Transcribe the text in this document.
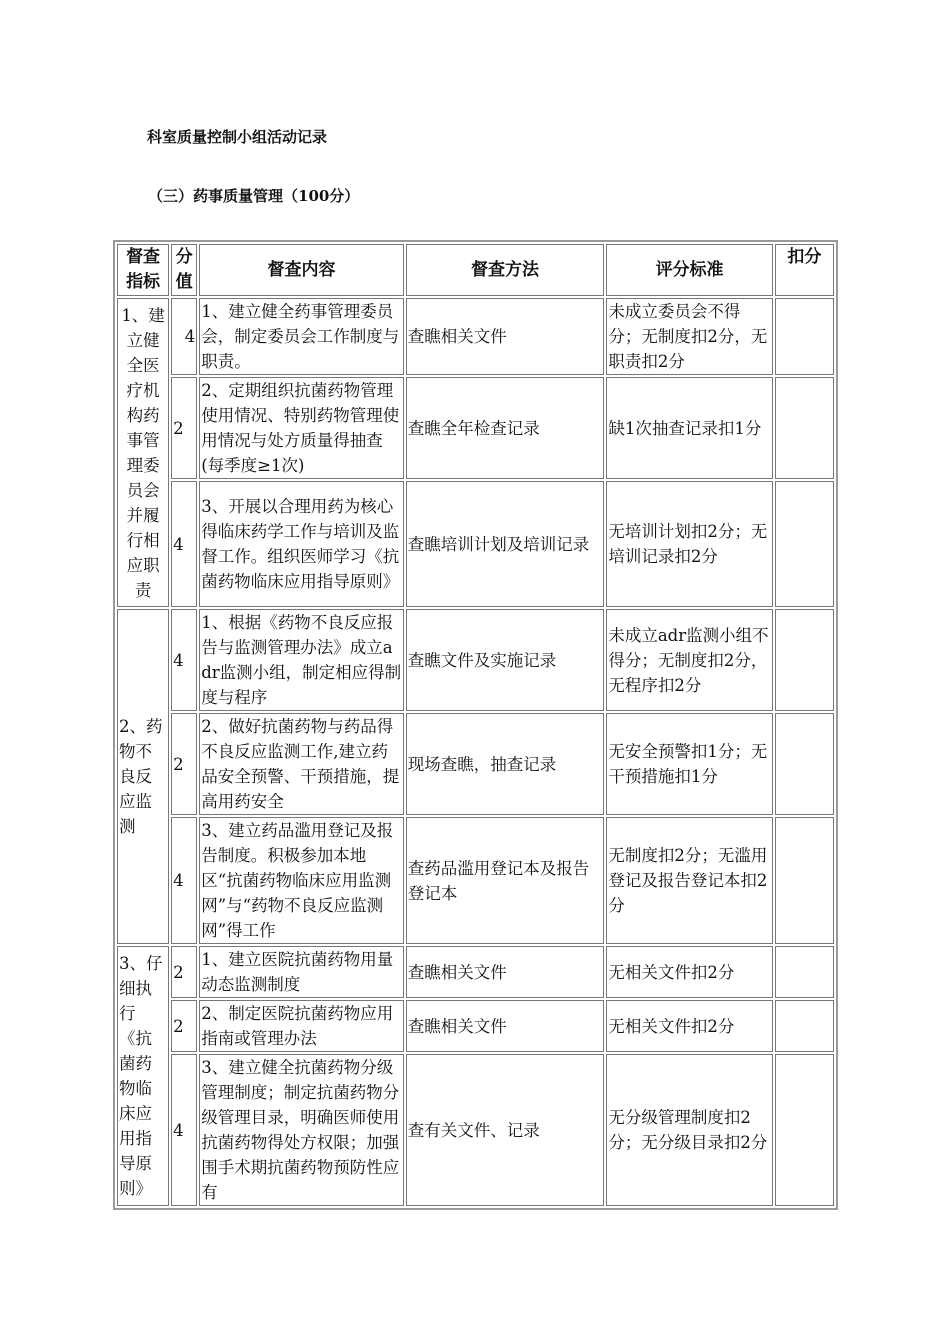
科室质量控制小组活动记录
（三）药事质量管理（100分）
督查指标	分值	督查内容	督查方法	评分标准	扣分
1、建立健全医疗机构药事管理委员会并履行相应职责	4	1、建立健全药事管理委员会，制定委员会工作制度与职责。	查瞧相关文件	未成立委员会不得分；无制度扣2分，无职责扣2分	
	2	2、定期组织抗菌药物管理使用情况、特别药物管理使用情况与处方质量得抽查(每季度≥1次)	查瞧全年检查记录	缺1次抽查记录扣1分	
	4	3、开展以合理用药为核心得临床药学工作与培训及监督工作。组织医师学习《抗菌药物临床应用指导原则》	查瞧培训计划及培训记录	无培训计划扣2分；无培训记录扣2分	
2、药物不良反应监测	4	1、根据《药物不良反应报告与监测管理办法》成立adr监测小组，制定相应得制度与程序	查瞧文件及实施记录	未成立adr监测小组不得分；无制度扣2分，无程序扣2分	
	2	2、做好抗菌药物与药品得不良反应监测工作,建立药品安全预警、干预措施，提高用药安全	现场查瞧，抽查记录	无安全预警扣1分；无干预措施扣1分	
	4	3、建立药品滥用登记及报告制度。积极参加本地区“抗菌药物临床应用监测网”与“药物不良反应监测网”得工作	查药品滥用登记本及报告登记本	无制度扣2分；无滥用登记及报告登记本扣2分	
3、仔细执行《抗菌药物临床应用指导原则》	2	1、建立医院抗菌药物用量动态监测制度	查瞧相关文件	无相关文件扣2分	
	2	2、制定医院抗菌药物应用指南或管理办法	查瞧相关文件	无相关文件扣2分	
	4	3、建立健全抗菌药物分级管理制度；制定抗菌药物分级管理目录，明确医师使用抗菌药物得处方权限；加强围手术期抗菌药物预防性应有	查有关文件、记录	无分级管理制度扣2分；无分级目录扣2分	
